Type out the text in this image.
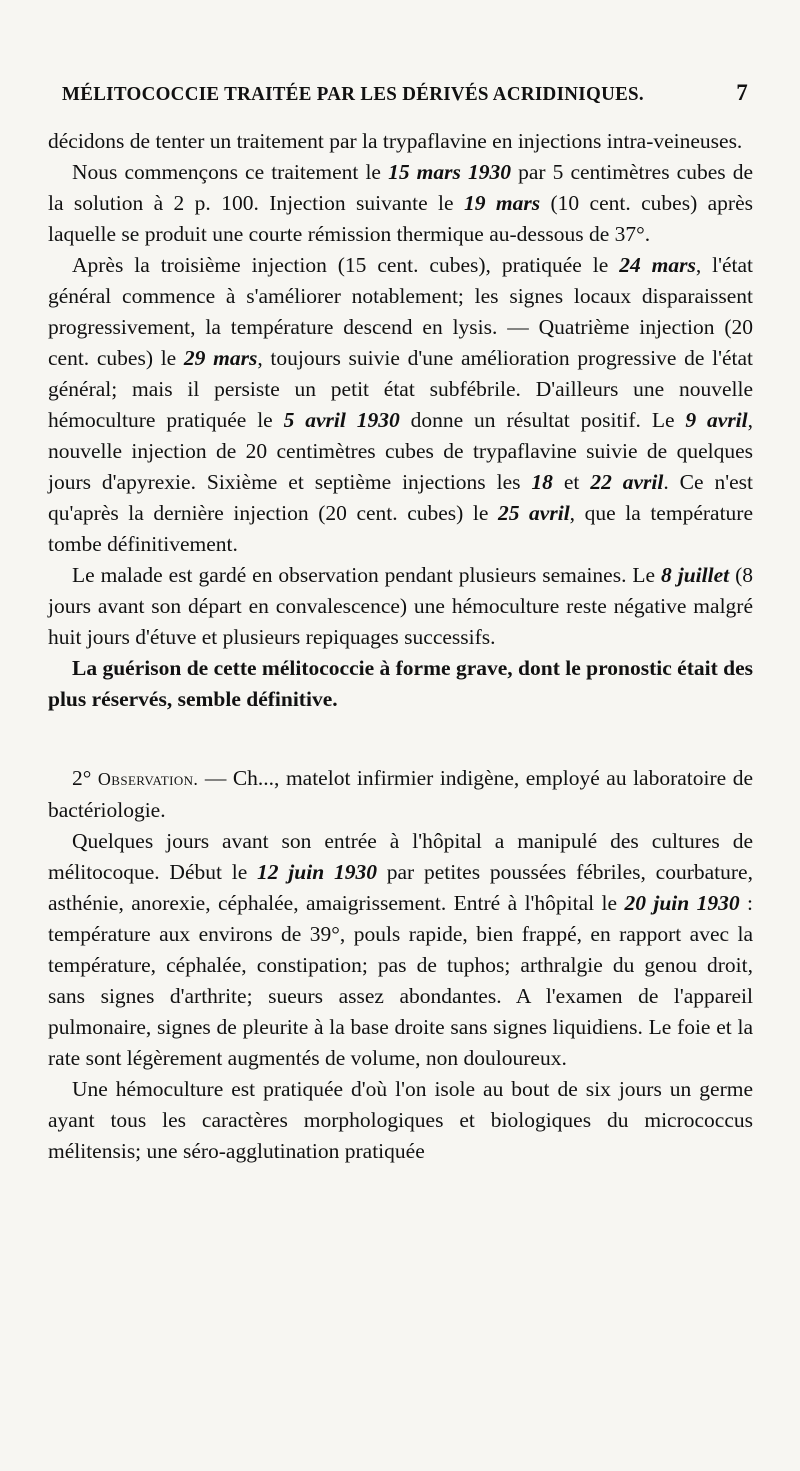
MÉLITOCOCCIE TRAITÉE PAR LES DÉRIVÉS ACRIDINIQUES.	7

décidons de tenter un traitement par la trypaflavine en injections intra-veineuses.

Nous commençons ce traitement le 15 mars 1930 par 5 centimètres cubes de la solution à 2 p. 100. Injection suivante le 19 mars (10 cent. cubes) après laquelle se produit une courte rémission thermique au-dessous de 37°.

Après la troisième injection (15 cent. cubes), pratiquée le 24 mars, l'état général commence à s'améliorer notablement; les signes locaux disparaissent progressivement, la température descend en lysis. — Quatrième injection (20 cent. cubes) le 29 mars, toujours suivie d'une amélioration progressive de l'état général; mais il persiste un petit état subfébrile. D'ailleurs une nouvelle hémoculture pratiquée le 5 avril 1930 donne un résultat positif. Le 9 avril, nouvelle injection de 20 centimètres cubes de trypaflavine suivie de quelques jours d'apyrexie. Sixième et septième injections les 18 et 22 avril. Ce n'est qu'après la dernière injection (20 cent. cubes) le 25 avril, que la température tombe définitivement.

Le malade est gardé en observation pendant plusieurs semaines. Le 8 juillet (8 jours avant son départ en convalescence) une hémoculture reste négative malgré huit jours d'étuve et plusieurs repiquages successifs.

La guérison de cette mélitococcie à forme grave, dont le pronostic était des plus réservés, semble définitive.

2° Observation. — Ch..., matelot infirmier indigène, employé au laboratoire de bactériologie.

Quelques jours avant son entrée à l'hôpital a manipulé des cultures de mélitocoque. Début le 12 juin 1930 par petites poussées fébriles, courbature, asthénie, anorexie, céphalée, amaigrissement. Entré à l'hôpital le 20 juin 1930 : température aux environs de 39°, pouls rapide, bien frappé, en rapport avec la température, céphalée, constipation; pas de tuphos; arthralgie du genou droit, sans signes d'arthrite; sueurs assez abondantes. A l'examen de l'appareil pulmonaire, signes de pleurite à la base droite sans signes liquidiens. Le foie et la rate sont légèrement augmentés de volume, non douloureux.

Une hémoculture est pratiquée d'où l'on isole au bout de six jours un germe ayant tous les caractères morphologiques et biologiques du micrococcus mélitensis; une séro-agglutination pratiquée
